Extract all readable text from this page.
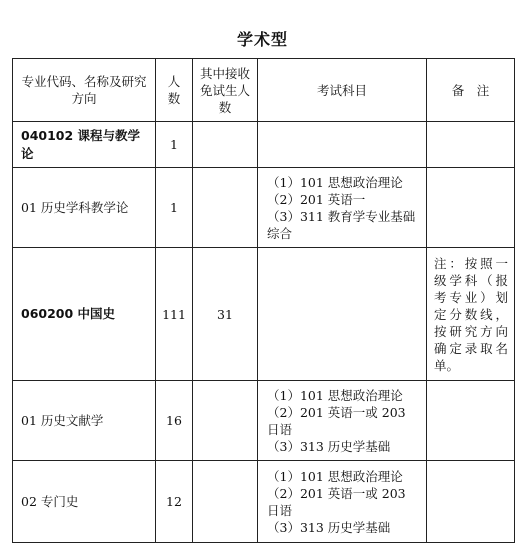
学术型
专业代码、名称及研究方向	人数	其中接收免试生人数	考试科目	备　注
040102 课程与教学论	1			
01 历史学科教学论	1		（1）101 思想政治理论
（2）201 英语一
（3）311 教育学专业基础综合	

060200 中国史	111	31		注：按照一级学科（报考专业）划定分数线，按研究方向确定录取名单。
01 历史文献学	16		（1）101 思想政治理论
（2）201 英语一或 203 日语
（3）313 历史学基础	

02 专门史	12		（1）101 思想政治理论
（2）201 英语一或 203 日语
（3）313 历史学基础	
